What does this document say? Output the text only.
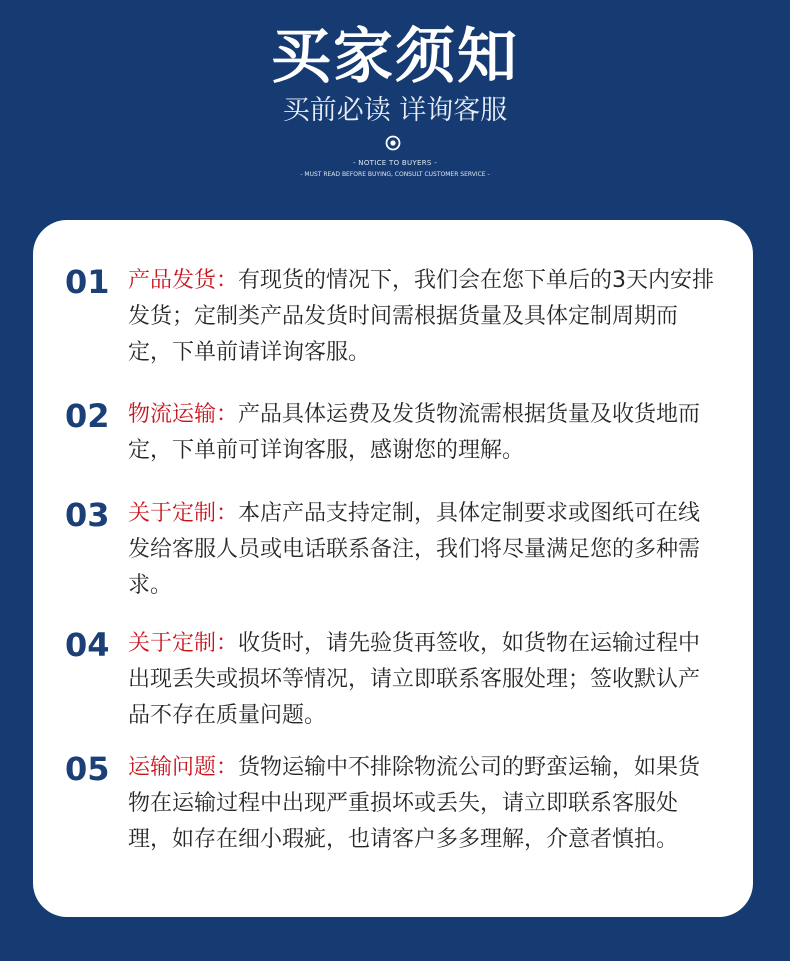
买家须知
买前必读 详询客服
- NOTICE TO BUYERS -
- MUST READ BEFORE BUYING, CONSULT CUSTOMER SERVICE -
01 产品发货：有现货的情况下，我们会在您下单后的3天内安排发货；定制类产品发货时间需根据货量及具体定制周期而定，下单前请详询客服。
02 物流运输：产品具体运费及发货物流需根据货量及收货地而定，下单前可详询客服，感谢您的理解。
03 关于定制：本店产品支持定制，具体定制要求或图纸可在线发给客服人员或电话联系备注，我们将尽量满足您的多种需求。
04 关于定制：收货时，请先验货再签收，如货物在运输过程中出现丢失或损坏等情况，请立即联系客服处理；签收默认产品不存在质量问题。
05 运输问题：货物运输中不排除物流公司的野蛮运输，如果货物在运输过程中出现严重损坏或丢失，请立即联系客服处理，如存在细小瑕疵，也请客户多多理解，介意者慎拍。
